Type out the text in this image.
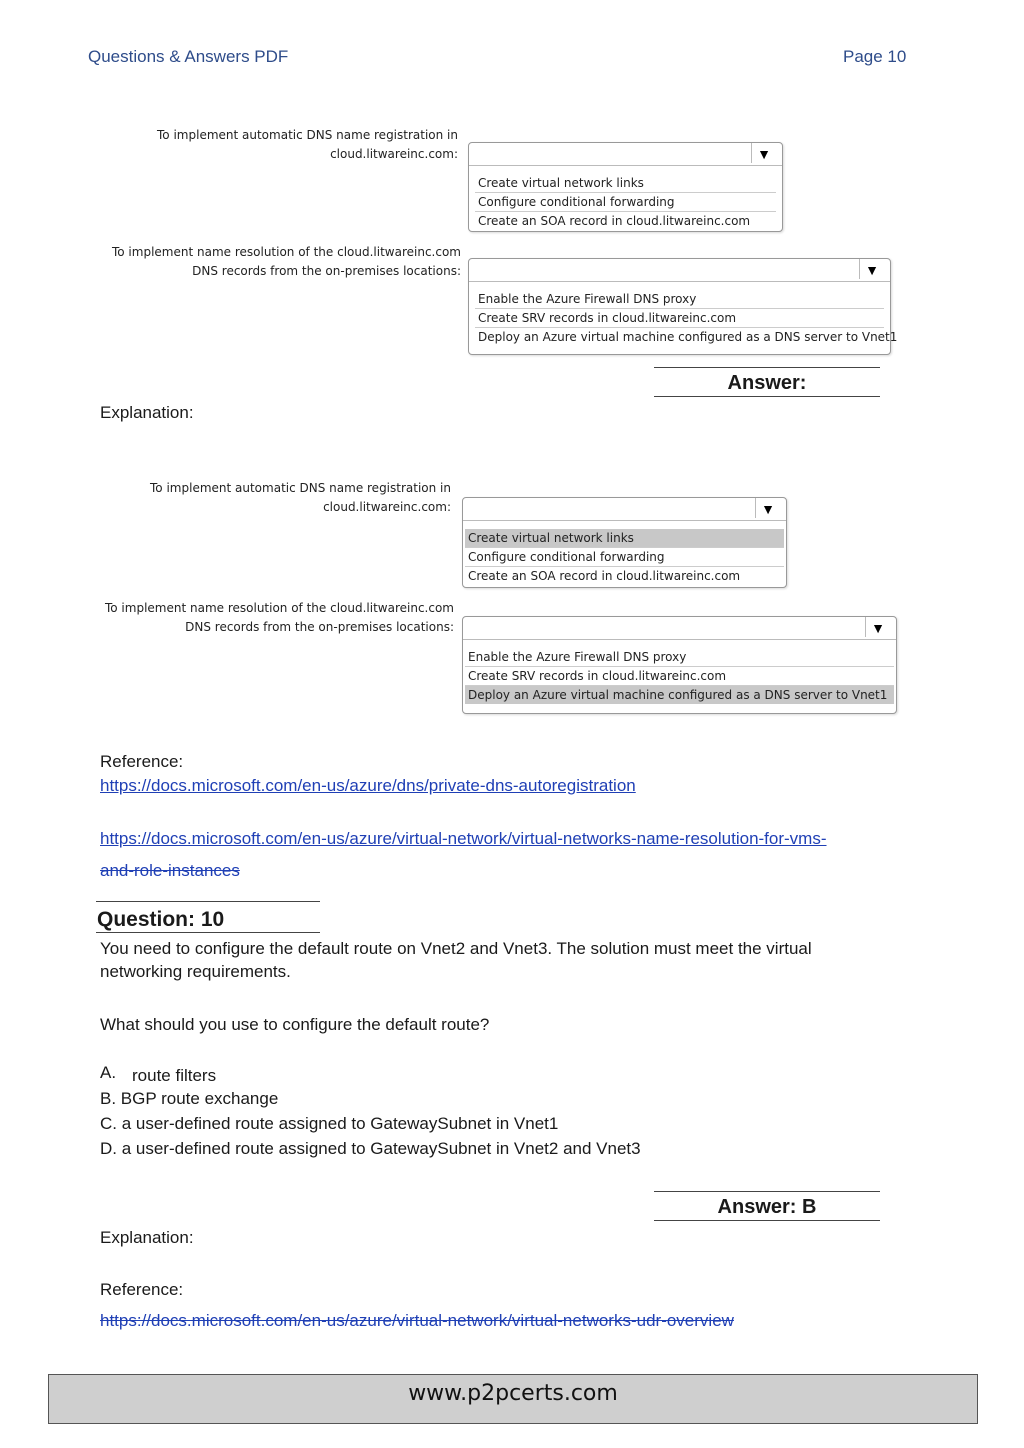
Questions & Answers PDF	Page 10
To implement automatic DNS name registration in
cloud.litwareinc.com:	▼
Create virtual network links
Configure conditional forwarding
Create an SOA record in cloud.litwareinc.com
To implement name resolution of the cloud.litwareinc.com
DNS records from the on-premises locations:	▼
Enable the Azure Firewall DNS proxy
Create SRV records in cloud.litwareinc.com
Deploy an Azure virtual machine configured as a DNS server to Vnet1
Answer:
Explanation:
To implement automatic DNS name registration in
cloud.litwareinc.com:	▼
Create virtual network links
Configure conditional forwarding
Create an SOA record in cloud.litwareinc.com
To implement name resolution of the cloud.litwareinc.com
DNS records from the on-premises locations:	▼
Enable the Azure Firewall DNS proxy
Create SRV records in cloud.litwareinc.com
Deploy an Azure virtual machine configured as a DNS server to Vnet1
Reference:
https://docs.microsoft.com/en-us/azure/dns/private-dns-autoregistration
https://docs.microsoft.com/en-us/azure/virtual-network/virtual-networks-name-resolution-for-vms-
and-role-instances
Question: 10
You need to configure the default route on Vnet2 and Vnet3. The solution must meet the virtual
networking requirements.
What should you use to configure the default route?
A. route filters
B. BGP route exchange
C. a user-defined route assigned to GatewaySubnet in Vnet1
D. a user-defined route assigned to GatewaySubnet in Vnet2 and Vnet3
Answer: B
Explanation:
Reference:
https://docs.microsoft.com/en-us/azure/virtual-network/virtual-networks-udr-overview
www.p2pcerts.com
